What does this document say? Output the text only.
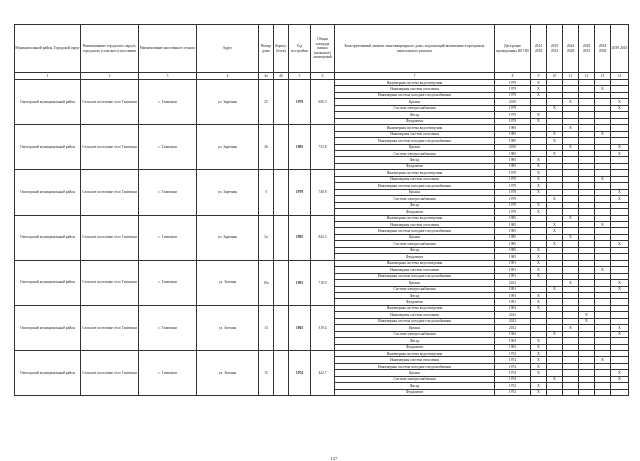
Муниципальный район, Городской округ	Наименование городского округа, городского (сельского) поселения	Наименование населенного пункта	Адрес	Номер дома	Корпус (блок)	Год постройки	Общая площадь жилых (нежилых) помещений	Конструктивный элемент многоквартирного дома, подлежащий включению в программу капитального ремонта	Дата ранее проведенных КР ОИ	2014 2018	2019 2023	2024 2028	2029 2033	2034 2038	2039 2043
1	2	3	4	4а	4б	5	6	7	8	9	10	11	12	13	14
Омогорский муниципальный район	Сельское поселение село Тиличики	с. Тиличики	ул. Заречная	25		1979	656.3	Инженерная система водоотведения	1979	X					
								Инженерная система отопления	1979	X				X	
								Инженерная система холодного водоснабжения	1979	X					
								Крыша	2010			X			X
								Система электроснабжения	1979		X				X
								Фасад	1979	X					
								Фундамент	1979	X					
Омогорский муниципальный район	Сельское поселение село Тиличики	с. Тиличики	ул. Заречная	26		1985	723.8	Инженерная система водоотведения	1985			X			
								Инженерная система отопления	1985		X			X	
								Инженерная система холодного водоснабжения	1985		X				
								Крыша	2010			X			X
								Система электроснабжения	1985		X				X
								Фасад	1985	X					
								Фундамент	1985	X					
Омогорский муниципальный район	Сельское поселение село Тиличики	с. Тиличики	ул. Заречная	5		1979	740.8	Инженерная система водоотведения	1979	X					
								Инженерная система отопления	1979	X				X	
								Инженерная система холодного водоснабжения	1979	X					
								Крыша	1979	X					X
								Система электроснабжения	1979		X				X
								Фасад	1979	X					
								Фундамент	1979	X					
Омогорский муниципальный район	Сельское поселение село Тиличики	с. Тиличики	ул. Заречная	3а		1985	844.3	Инженерная система водоотведения	1985			X			
								Инженерная система отопления	1985		X			X	
								Инженерная система холодного водоснабжения	1985		X				
								Крыша	1985			X			
								Система электроснабжения	1985		X				X
								Фасад	1985	X					
								Фундамент	1985	X					
Омогорский муниципальный район	Сельское поселение село Тиличики	с. Тиличики	ул. Зеленая	10а		1991	718.9	Инженерная система водоотведения	1991	X					
								Инженерная система отопления	1991	X				X	
								Инженерная система холодного водоснабжения	1991	X					
								Крыша	2012			X			X
								Система электроснабжения	1991		X				X
								Фасад	1991	X					
								Фундамент	1991	X					
Омогорский муниципальный район	Сельское поселение село Тиличики	с. Тиличики	ул. Зеленая	13		1963	319.4	Инженерная система водоотведения	1963	X					
								Инженерная система отопления	2012				X		
								Инженерная система холодного водоснабжения	2012				X		
								Крыша	2012			X			X
								Система электроснабжения	1963		X				X
								Фасад	1963	X					
								Фундамент	1963	X					
Омогорский муниципальный район	Сельское поселение село Тиличики	с. Тиличики	ул. Зеленая	15		1974	442.7	Инженерная система водоотведения	1974	X					
								Инженерная система отопления	1974	X				X	
								Инженерная система холодного водоснабжения	1974	X					
								Крыша	1974	X					X
								Система электроснабжения	1974		X				X
								Фасад	1974	X					
								Фундамент	1974	X					
127
